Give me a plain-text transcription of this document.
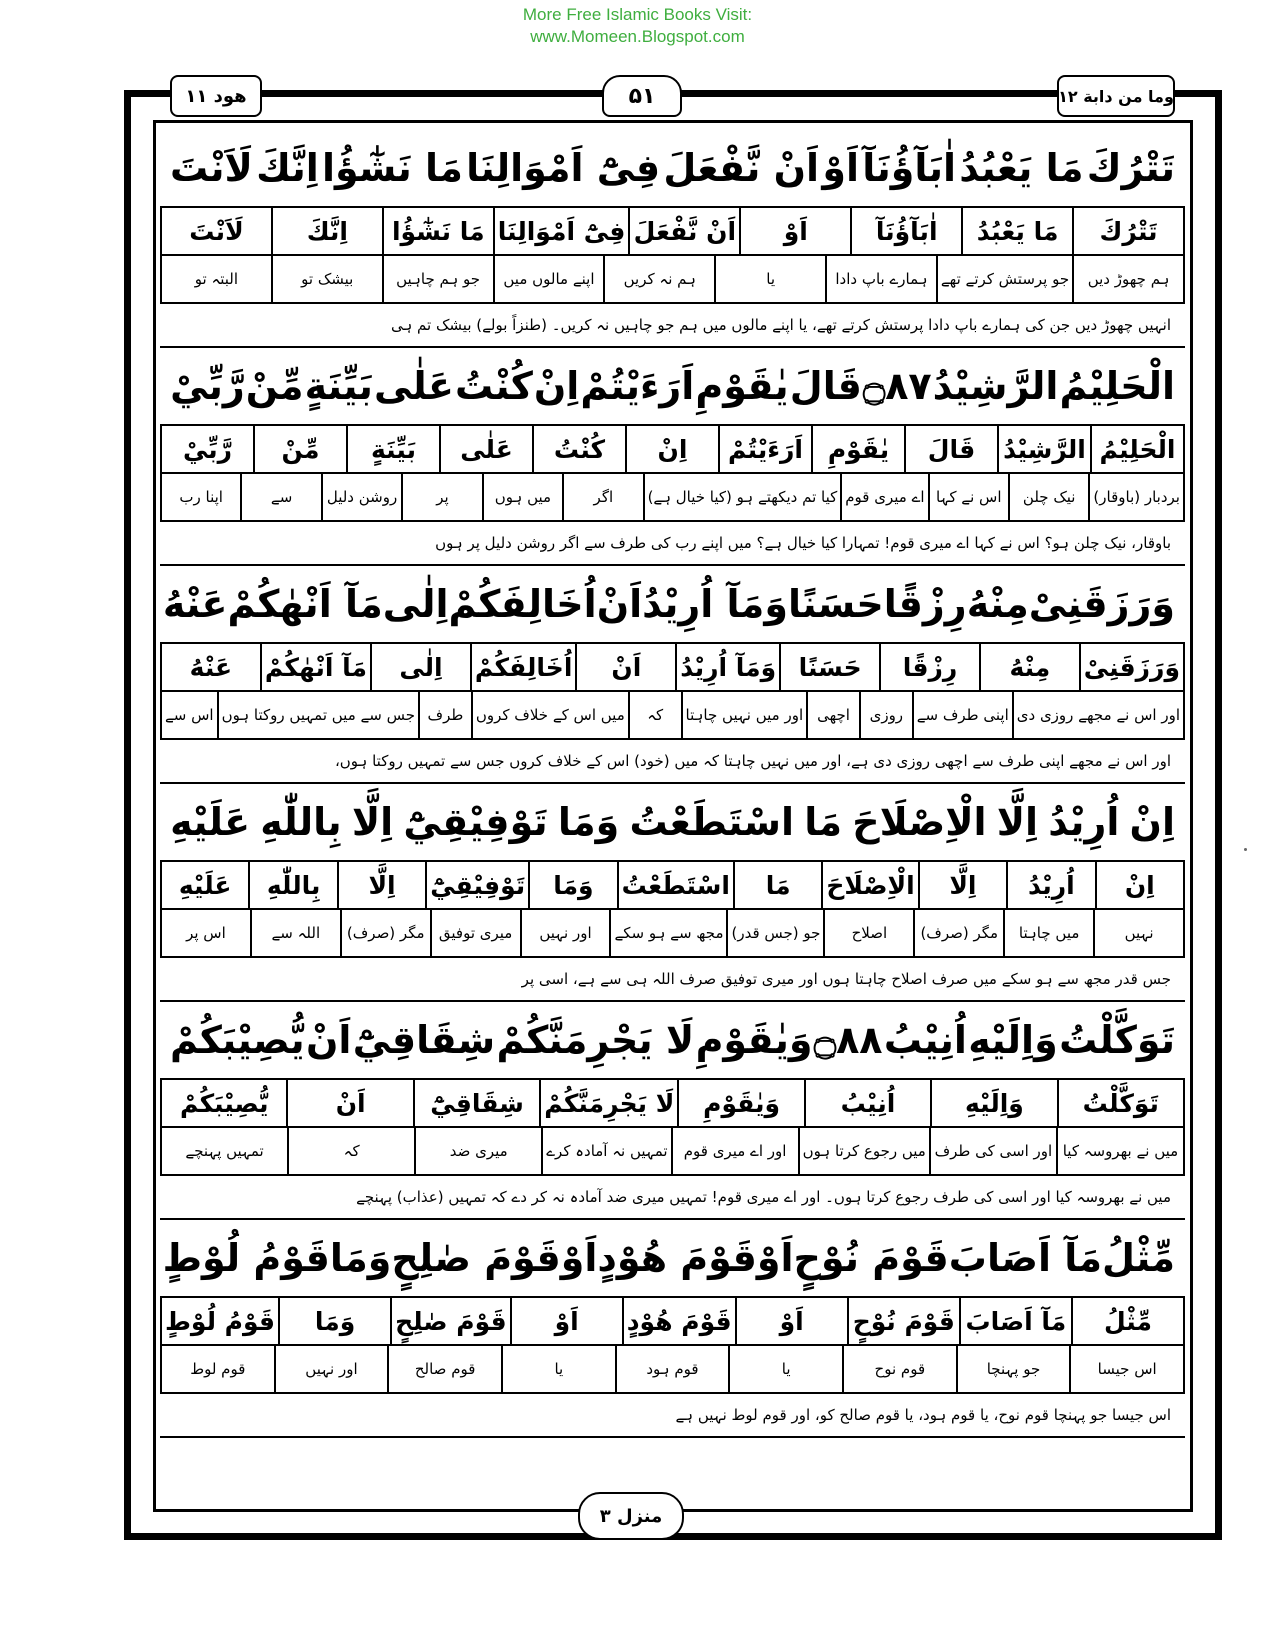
More Free Islamic Books Visit:
www.Momeen.Blogspot.com
هود ١١	۵۱	وما من دابة ١٢
تَتْرُكَ
مَا يَعْبُدُ
اٰبَآؤُنَآ
اَوْ
اَنْ نَّفْعَلَ
فِیْٓ اَمْوَالِنَا
مَا نَشٰٓؤُا
اِنَّكَ
لَاَنْتَ
تَتْرُكَ
مَا يَعْبُدُ
اٰبَآؤُنَآ
اَوْ
اَنْ نَّفْعَلَ
فِیْٓ اَمْوَالِنَا
مَا نَشٰٓؤُا
اِنَّكَ
لَاَنْتَ
ہم چھوڑ دیں
جو پرستش کرتے تھے
ہمارے باپ دادا
یا
ہم نہ کریں
اپنے مالوں میں
جو ہم چاہیں
بیشک تو
البتہ تو
انہیں چھوڑ دیں جن کی ہمارے باپ دادا پرستش کرتے تھے، یا اپنے مالوں میں ہم جو چاہیں نہ کریں۔ (طنزاً بولے) بیشک تم ہی
الْحَلِيْمُ
الرَّشِيْدُ
۝٨٧
قَالَ
يٰقَوْمِ
اَرَءَيْتُمْ
اِنْ
كُنْتُ
عَلٰى
بَيِّنَةٍ
مِّنْ
رَّبِّيْ
الْحَلِيْمُ
الرَّشِيْدُ
قَالَ
يٰقَوْمِ
اَرَءَيْتُمْ
اِنْ
كُنْتُ
عَلٰى
بَيِّنَةٍ
مِّنْ
رَّبِّيْ
بردبار (باوقار)
نیک چلن
اس نے کہا
اے میری قوم
کیا تم دیکھتے ہو (کیا خیال ہے)
اگر
میں ہوں
پر
روشن دلیل
سے
اپنا رب
باوقار، نیک چلن ہو؟ اس نے کہا اے میری قوم! تمہارا کیا خیال ہے؟ میں اپنے رب کی طرف سے اگر روشن دلیل پر ہوں
وَرَزَقَنِیْ
مِنْهُ
رِزْقًا
حَسَنًا
وَمَآ اُرِيْدُ
اَنْ
اُخَالِفَكُمْ
اِلٰى
مَآ اَنْهٰكُمْ
عَنْهُ
وَرَزَقَنِیْ
مِنْهُ
رِزْقًا
حَسَنًا
وَمَآ اُرِيْدُ
اَنْ
اُخَالِفَكُمْ
اِلٰى
مَآ اَنْهٰكُمْ
عَنْهُ
اور اس نے مجھے روزی دی
اپنی طرف سے
روزی
اچھی
اور میں نہیں چاہتا
کہ
میں اس کے خلاف کروں
طرف
جس سے میں تمہیں روکتا ہوں
اس سے
اور اس نے مجھے اپنی طرف سے اچھی روزی دی ہے، اور میں نہیں چاہتا کہ میں (خود) اس کے خلاف کروں جس سے تمہیں روکتا ہوں،
اِنْ
اُرِيْدُ
اِلَّا
الْاِصْلَاحَ
مَا
اسْتَطَعْتُ
وَمَا
تَوْفِيْقِيْٓ
اِلَّا
بِاللّٰهِ
عَلَيْهِ
اِنْ
اُرِيْدُ
اِلَّا
الْاِصْلَاحَ
مَا
اسْتَطَعْتُ
وَمَا
تَوْفِيْقِيْٓ
اِلَّا
بِاللّٰهِ
عَلَيْهِ
نہیں
میں چاہتا
مگر (صرف)
اصلاح
جو (جس قدر)
مجھ سے ہو سکے
اور نہیں
میری توفیق
مگر (صرف)
اللہ سے
اس پر
جس قدر مجھ سے ہو سکے میں صرف اصلاح چاہتا ہوں اور میری توفیق صرف اللہ ہی سے ہے، اسی پر
تَوَكَّلْتُ
وَاِلَيْهِ
اُنِيْبُ
۝٨٨
وَيٰقَوْمِ
لَا يَجْرِمَنَّكُمْ
شِقَاقِيْٓ
اَنْ
يُّصِيْبَكُمْ
تَوَكَّلْتُ
وَاِلَيْهِ
اُنِيْبُ
وَيٰقَوْمِ
لَا يَجْرِمَنَّكُمْ
شِقَاقِيْٓ
اَنْ
يُّصِيْبَكُمْ
میں نے بھروسہ کیا
اور اسی کی طرف
میں رجوع کرتا ہوں
اور اے میری قوم
تمہیں نہ آمادہ کرے
میری ضد
کہ
تمہیں پہنچے
میں نے بھروسہ کیا اور اسی کی طرف رجوع کرتا ہوں۔ اور اے میری قوم! تمہیں میری ضد آمادہ نہ کر دے کہ تمہیں (عذاب) پہنچے
مِّثْلُ
مَآ اَصَابَ
قَوْمَ نُوْحٍ
اَوْ
قَوْمَ هُوْدٍ
اَوْ
قَوْمَ صٰلِحٍ
وَمَا
قَوْمُ لُوْطٍ
مِّثْلُ
مَآ اَصَابَ
قَوْمَ نُوْحٍ
اَوْ
قَوْمَ هُوْدٍ
اَوْ
قَوْمَ صٰلِحٍ
وَمَا
قَوْمُ لُوْطٍ
اس جیسا
جو پہنچا
قوم نوح
یا
قوم ہود
یا
قوم صالح
اور نہیں
قوم لوط
اس جیسا جو پہنچا قوم نوح، یا قوم ہود، یا قوم صالح کو، اور قوم لوط نہیں ہے
منزل ۳
